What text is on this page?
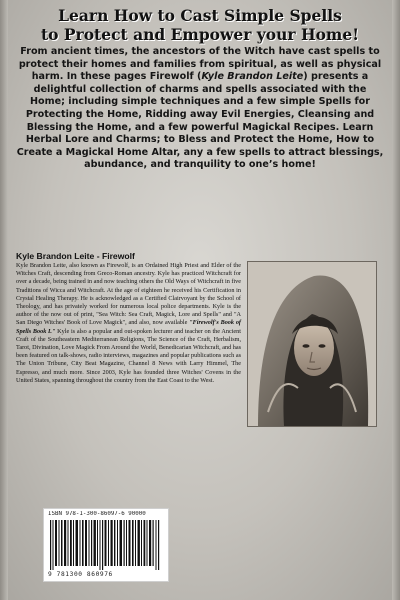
Learn How to Cast Simple Spells
to Protect and Empower your Home!

From ancient times, the ancestors of the Witch have cast spells to protect their homes and families from spiritual, as well as physical harm. In these pages Firewolf (Kyle Brandon Leite) presents a delightful collection of charms and spells associated with the Home; including simple techniques and a few simple Spells for Protecting the Home, Ridding away Evil Energies, Cleansing and Blessing the Home, and a few powerful Magickal Recipes. Learn Herbal Lore and Charms; to Bless and Protect the Home, How to Create a Magickal Home Altar, any a few spells to attract blessings, abundance, and tranquility to one’s home!

Kyle Brandon Leite - Firewolf

Kyle Brandon Leite, also known as Firewolf, is an Ordained High Priest and Elder of the Witches Craft, descending from Greco-Roman ancestry. Kyle has practiced Witchcraft for over a decade, being trained in and now teaching others the Old Ways of Witchcraft in five Traditions of Wicca and Witchcraft. At the age of eighteen he received his Certification in Crystal Healing Therapy. He is acknowledged as a Certified Clairvoyant by the School of Theology, and has privately worked for numerous local police departments. Kyle is the author of the now out of print, "Sea Witch: Sea Craft, Magick, Lore and Spells" and "A San Diego Witches' Book of Love Magick", and also, now available "Firewolf's Book of Spells Book I." Kyle is also a popular and out-spoken lecturer and teacher on the Ancient Craft of the Southeastern Mediterranean Religions, The Science of the Craft, Herbalism, Tarot, Divination, Love Magick From Around the World, Benedicarian Witchcraft, and has been featured on talk-shows, radio interviews, magazines and popular publications such as The Union Tribune, City Beat Magazine, Channel 8 News with Larry Himmel, The Espresso, and much more. Since 2003, Kyle has founded three Witches' Covens in the United States, spanning throughout the country from the East Coast to the West.

ISBN 978-1-300-86097-6 90000

9 781300 860976
